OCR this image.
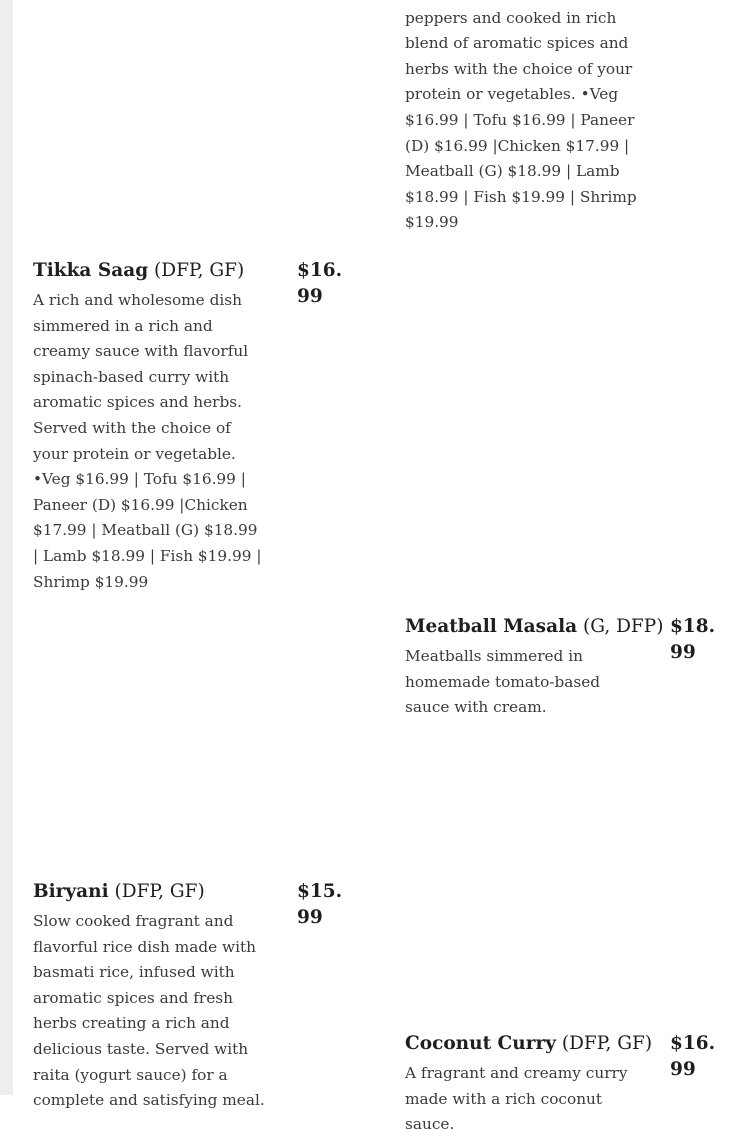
peppers and cooked in rich blend of aromatic spices and herbs with the choice of your protein or vegetables. •Veg $16.99 | Tofu $16.99 | Paneer (D) $16.99 |Chicken $17.99 | Meatball (G) $18.99 | Lamb $18.99 | Fish $19.99 | Shrimp $19.99
Tikka Saag (DFP, GF)	$16.99
A rich and wholesome dish simmered in a rich and creamy sauce with flavorful spinach-based curry with aromatic spices and herbs. Served with the choice of your protein or vegetable. •Veg $16.99 | Tofu $16.99 | Paneer (D) $16.99 |Chicken $17.99 | Meatball (G) $18.99 | Lamb $18.99 | Fish $19.99 | Shrimp $19.99
Meatball Masala (G, DFP) $18.99
Meatballs simmered in homemade tomato-based sauce with cream.
Biryani (DFP, GF)	$15.99
Slow cooked fragrant and flavorful rice dish made with basmati rice, infused with aromatic spices and fresh herbs creating a rich and delicious taste. Served with raita (yogurt sauce) for a complete and satisfying meal.
Coconut Curry (DFP, GF) $16.99
A fragrant and creamy curry made with a rich coconut sauce.
